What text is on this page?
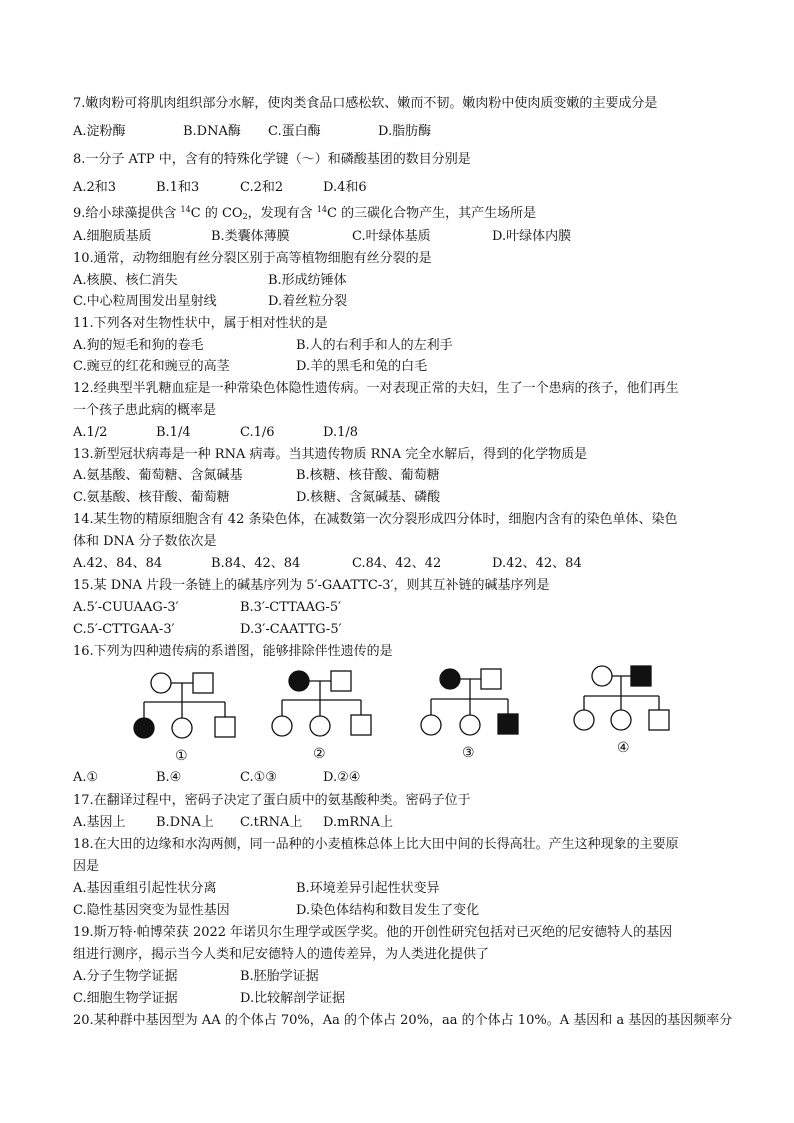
7.嫩肉粉可将肌肉组织部分水解，使肉类食品口感松软、嫩而不韧。嫩肉粉中使肉质变嫩的主要成分是
A.淀粉酶	B.DNA酶 C.蛋白酶	D.脂肪酶
8.一分子 ATP 中，含有的特殊化学键（～）和磷酸基团的数目分别是
A.2和3	B.1和3	C.2和2	D.4和6
9.给小球藻提供含 $^{14}$C 的 $CO_2$，发现有含 $^{14}$C 的三碳化合物产生，其产生场所是
A.细胞质基质	B.类囊体薄膜	C.叶绿体基质	D.叶绿体内膜
10.通常，动物细胞有丝分裂区别于高等植物细胞有丝分裂的是
A.核膜、核仁消失	B.形成纺锤体
C.中心粒周围发出星射线	D.着丝粒分裂
11.下列各对生物性状中，属于相对性状的是
A.狗的短毛和狗的卷毛	B.人的右利手和人的左利手
C.豌豆的红花和豌豆的高茎	D.羊的黑毛和兔的白毛
12.经典型半乳糖血症是一种常染色体隐性遗传病。一对表现正常的夫妇，生了一个患病的孩子，他们再生
一个孩子患此病的概率是
A.1/2	B.1/4	C.1/6	D.1/8
13.新型冠状病毒是一种 RNA 病毒。当其遗传物质 RNA 完全水解后，得到的化学物质是
A.氨基酸、葡萄糖、含氮碱基	B.核糖、核苷酸、葡萄糖
C.氨基酸、核苷酸、葡萄糖	D.核糖、含氮碱基、磷酸
14.某生物的精原细胞含有 42 条染色体，在减数第一次分裂形成四分体时，细胞内含有的染色单体、染色
体和 DNA 分子数依次是
A.42、84、84	B.84、42、84	C.84、42、42	D.42、42、84
15.某 DNA 片段一条链上的碱基序列为 5′-GAATTC-3′，则其互补链的碱基序列是
A.5′-CUUAAG-3′	B.3′-CTTAAG-5′
C.5′-CTTGAA-3′	D.3′-CAATTG-5′
16.下列为四种遗传病的系谱图，能够排除伴性遗传的是
①	②	③	④
A.①	B.④	C.①③	D.②④
17.在翻译过程中，密码子决定了蛋白质中的氨基酸种类。密码子位于
A.基因上 B.DNA上 C.tRNA上 D.mRNA上
18.在大田的边缘和水沟两侧，同一品种的小麦植株总体上比大田中间的长得高壮。产生这种现象的主要原
因是
A.基因重组引起性状分离	B.环境差异引起性状变异
C.隐性基因突变为显性基因	D.染色体结构和数目发生了变化
19.斯万特·帕博荣获 2022 年诺贝尔生理学或医学奖。他的开创性研究包括对已灭绝的尼安德特人的基因
组进行测序，揭示当今人类和尼安德特人的遗传差异，为人类进化提供了
A.分子生物学证据	B.胚胎学证据
C.细胞生物学证据	D.比较解剖学证据
20.某种群中基因型为 AA 的个体占 70%，Aa 的个体占 20%，aa 的个体占 10%。A 基因和 a 基因的基因频率分
